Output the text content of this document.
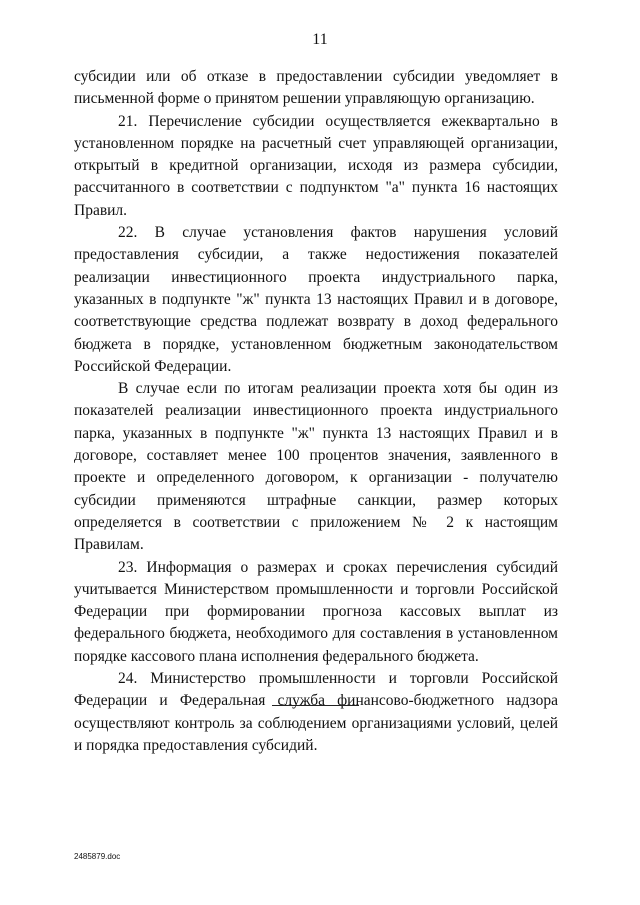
11

субсидии или об отказе в предоставлении субсидии уведомляет в письменной форме о принятом решении управляющую организацию.

21. Перечисление субсидии осуществляется ежеквартально в установленном порядке на расчетный счет управляющей организации, открытый в кредитной организации, исходя из размера субсидии, рассчитанного в соответствии с подпунктом "а" пункта 16 настоящих Правил.

22. В случае установления фактов нарушения условий предоставления субсидии, а также недостижения показателей реализации инвестиционного проекта индустриального парка, указанных в подпункте "ж" пункта 13 настоящих Правил и в договоре, соответствующие средства подлежат возврату в доход федерального бюджета в порядке, установленном бюджетным законодательством Российской Федерации.

В случае если по итогам реализации проекта хотя бы один из показателей реализации инвестиционного проекта индустриального парка, указанных в подпункте "ж" пункта 13 настоящих Правил и в договоре, составляет менее 100 процентов значения, заявленного в проекте и определенного договором, к организации - получателю субсидии применяются штрафные санкции, размер которых определяется в соответствии с приложением № 2 к настоящим Правилам.

23. Информация о размерах и сроках перечисления субсидий учитывается Министерством промышленности и торговли Российской Федерации при формировании прогноза кассовых выплат из федерального бюджета, необходимого для составления в установленном порядке кассового плана исполнения федерального бюджета.

24. Министерство промышленности и торговли Российской Федерации и Федеральная служба финансово-бюджетного надзора осуществляют контроль за соблюдением организациями условий, целей и порядка предоставления субсидий.

2485879.doc
